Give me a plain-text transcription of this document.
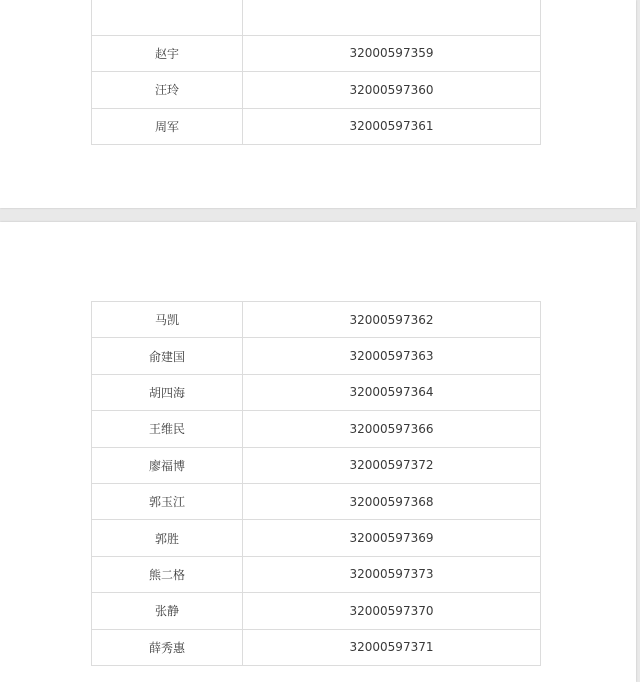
赵宇	32000597359
汪玲	32000597360
周军	32000597361
马凯	32000597362
俞建国	32000597363
胡四海	32000597364
王维民	32000597366
廖福博	32000597372
郭玉江	32000597368
郭胜	32000597369
熊二格	32000597373
张静	32000597370
薛秀惠	32000597371
